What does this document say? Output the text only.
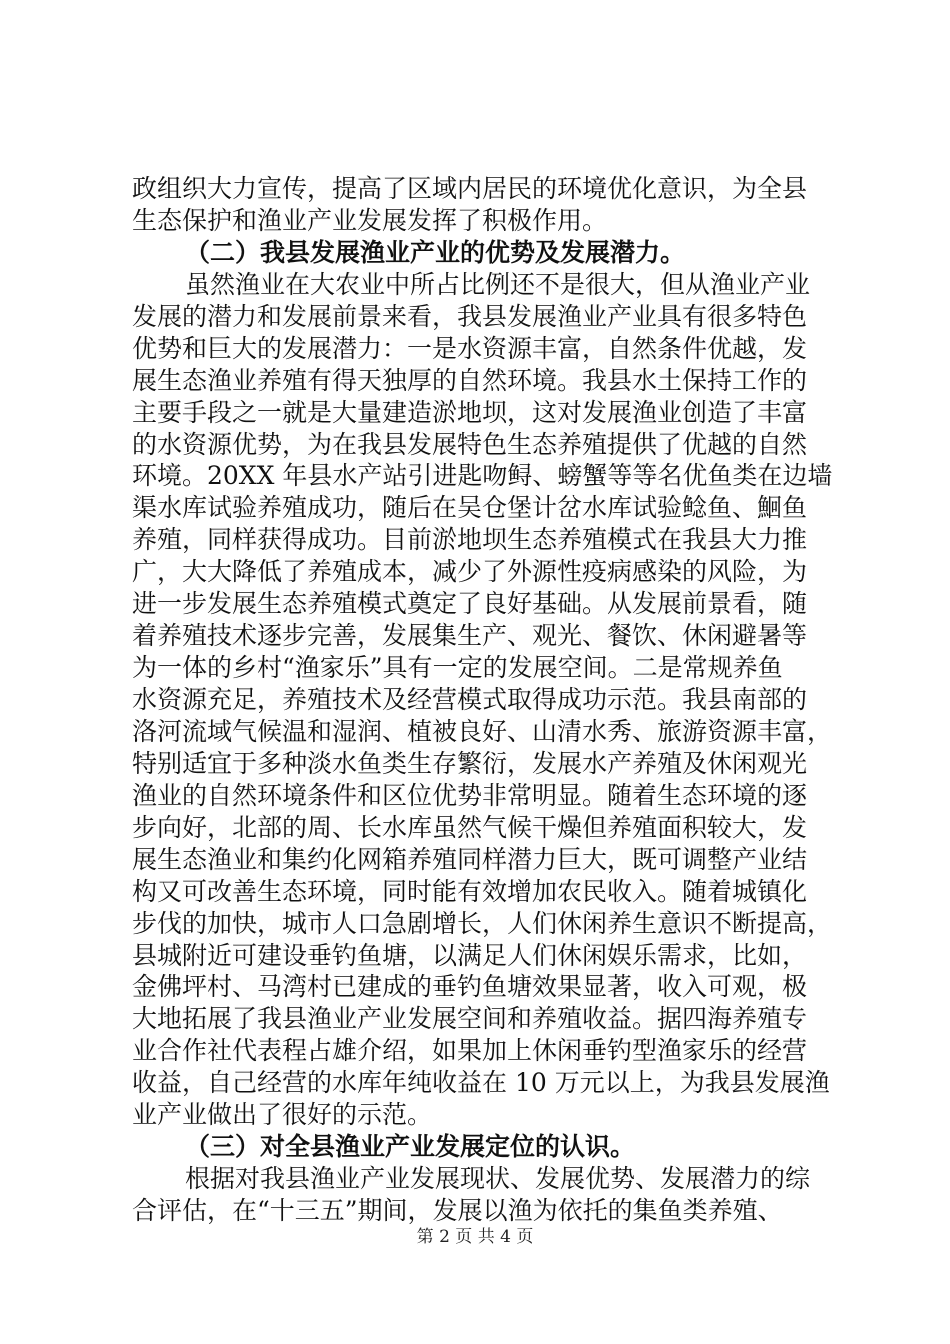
政组织大力宣传，提高了区域内居民的环境优化意识，为全县
生态保护和渔业产业发展发挥了积极作用。
（二）我县发展渔业产业的优势及发展潜力。
虽然渔业在大农业中所占比例还不是很大，但从渔业产业
发展的潜力和发展前景来看，我县发展渔业产业具有很多特色
优势和巨大的发展潜力：一是水资源丰富，自然条件优越，发
展生态渔业养殖有得天独厚的自然环境。我县水土保持工作的
主要手段之一就是大量建造淤地坝，这对发展渔业创造了丰富
的水资源优势，为在我县发展特色生态养殖提供了优越的自然
环境。20XX 年县水产站引进匙吻鲟、螃蟹等等名优鱼类在边墙
渠水库试验养殖成功，随后在吴仓堡计岔水库试验鲶鱼、鮰鱼
养殖，同样获得成功。目前淤地坝生态养殖模式在我县大力推
广，大大降低了养殖成本，减少了外源性疫病感染的风险，为
进一步发展生态养殖模式奠定了良好基础。从发展前景看，随
着养殖技术逐步完善，发展集生产、观光、餐饮、休闲避暑等
为一体的乡村“渔家乐”具有一定的发展空间。二是常规养鱼
水资源充足，养殖技术及经营模式取得成功示范。我县南部的
洛河流域气候温和湿润、植被良好、山清水秀、旅游资源丰富，
特别适宜于多种淡水鱼类生存繁衍，发展水产养殖及休闲观光
渔业的自然环境条件和区位优势非常明显。随着生态环境的逐
步向好，北部的周、长水库虽然气候干燥但养殖面积较大，发
展生态渔业和集约化网箱养殖同样潜力巨大，既可调整产业结
构又可改善生态环境，同时能有效增加农民收入。随着城镇化
步伐的加快，城市人口急剧增长，人们休闲养生意识不断提高，
县城附近可建设垂钓鱼塘，以满足人们休闲娱乐需求，比如，
金佛坪村、马湾村已建成的垂钓鱼塘效果显著，收入可观，极
大地拓展了我县渔业产业发展空间和养殖收益。据四海养殖专
业合作社代表程占雄介绍，如果加上休闲垂钓型渔家乐的经营
收益，自己经营的水库年纯收益在 10 万元以上，为我县发展渔
业产业做出了很好的示范。
（三）对全县渔业产业发展定位的认识。
根据对我县渔业产业发展现状、发展优势、发展潜力的综
合评估，在“十三五”期间，发展以渔为依托的集鱼类养殖、
第 2 页 共 4 页
